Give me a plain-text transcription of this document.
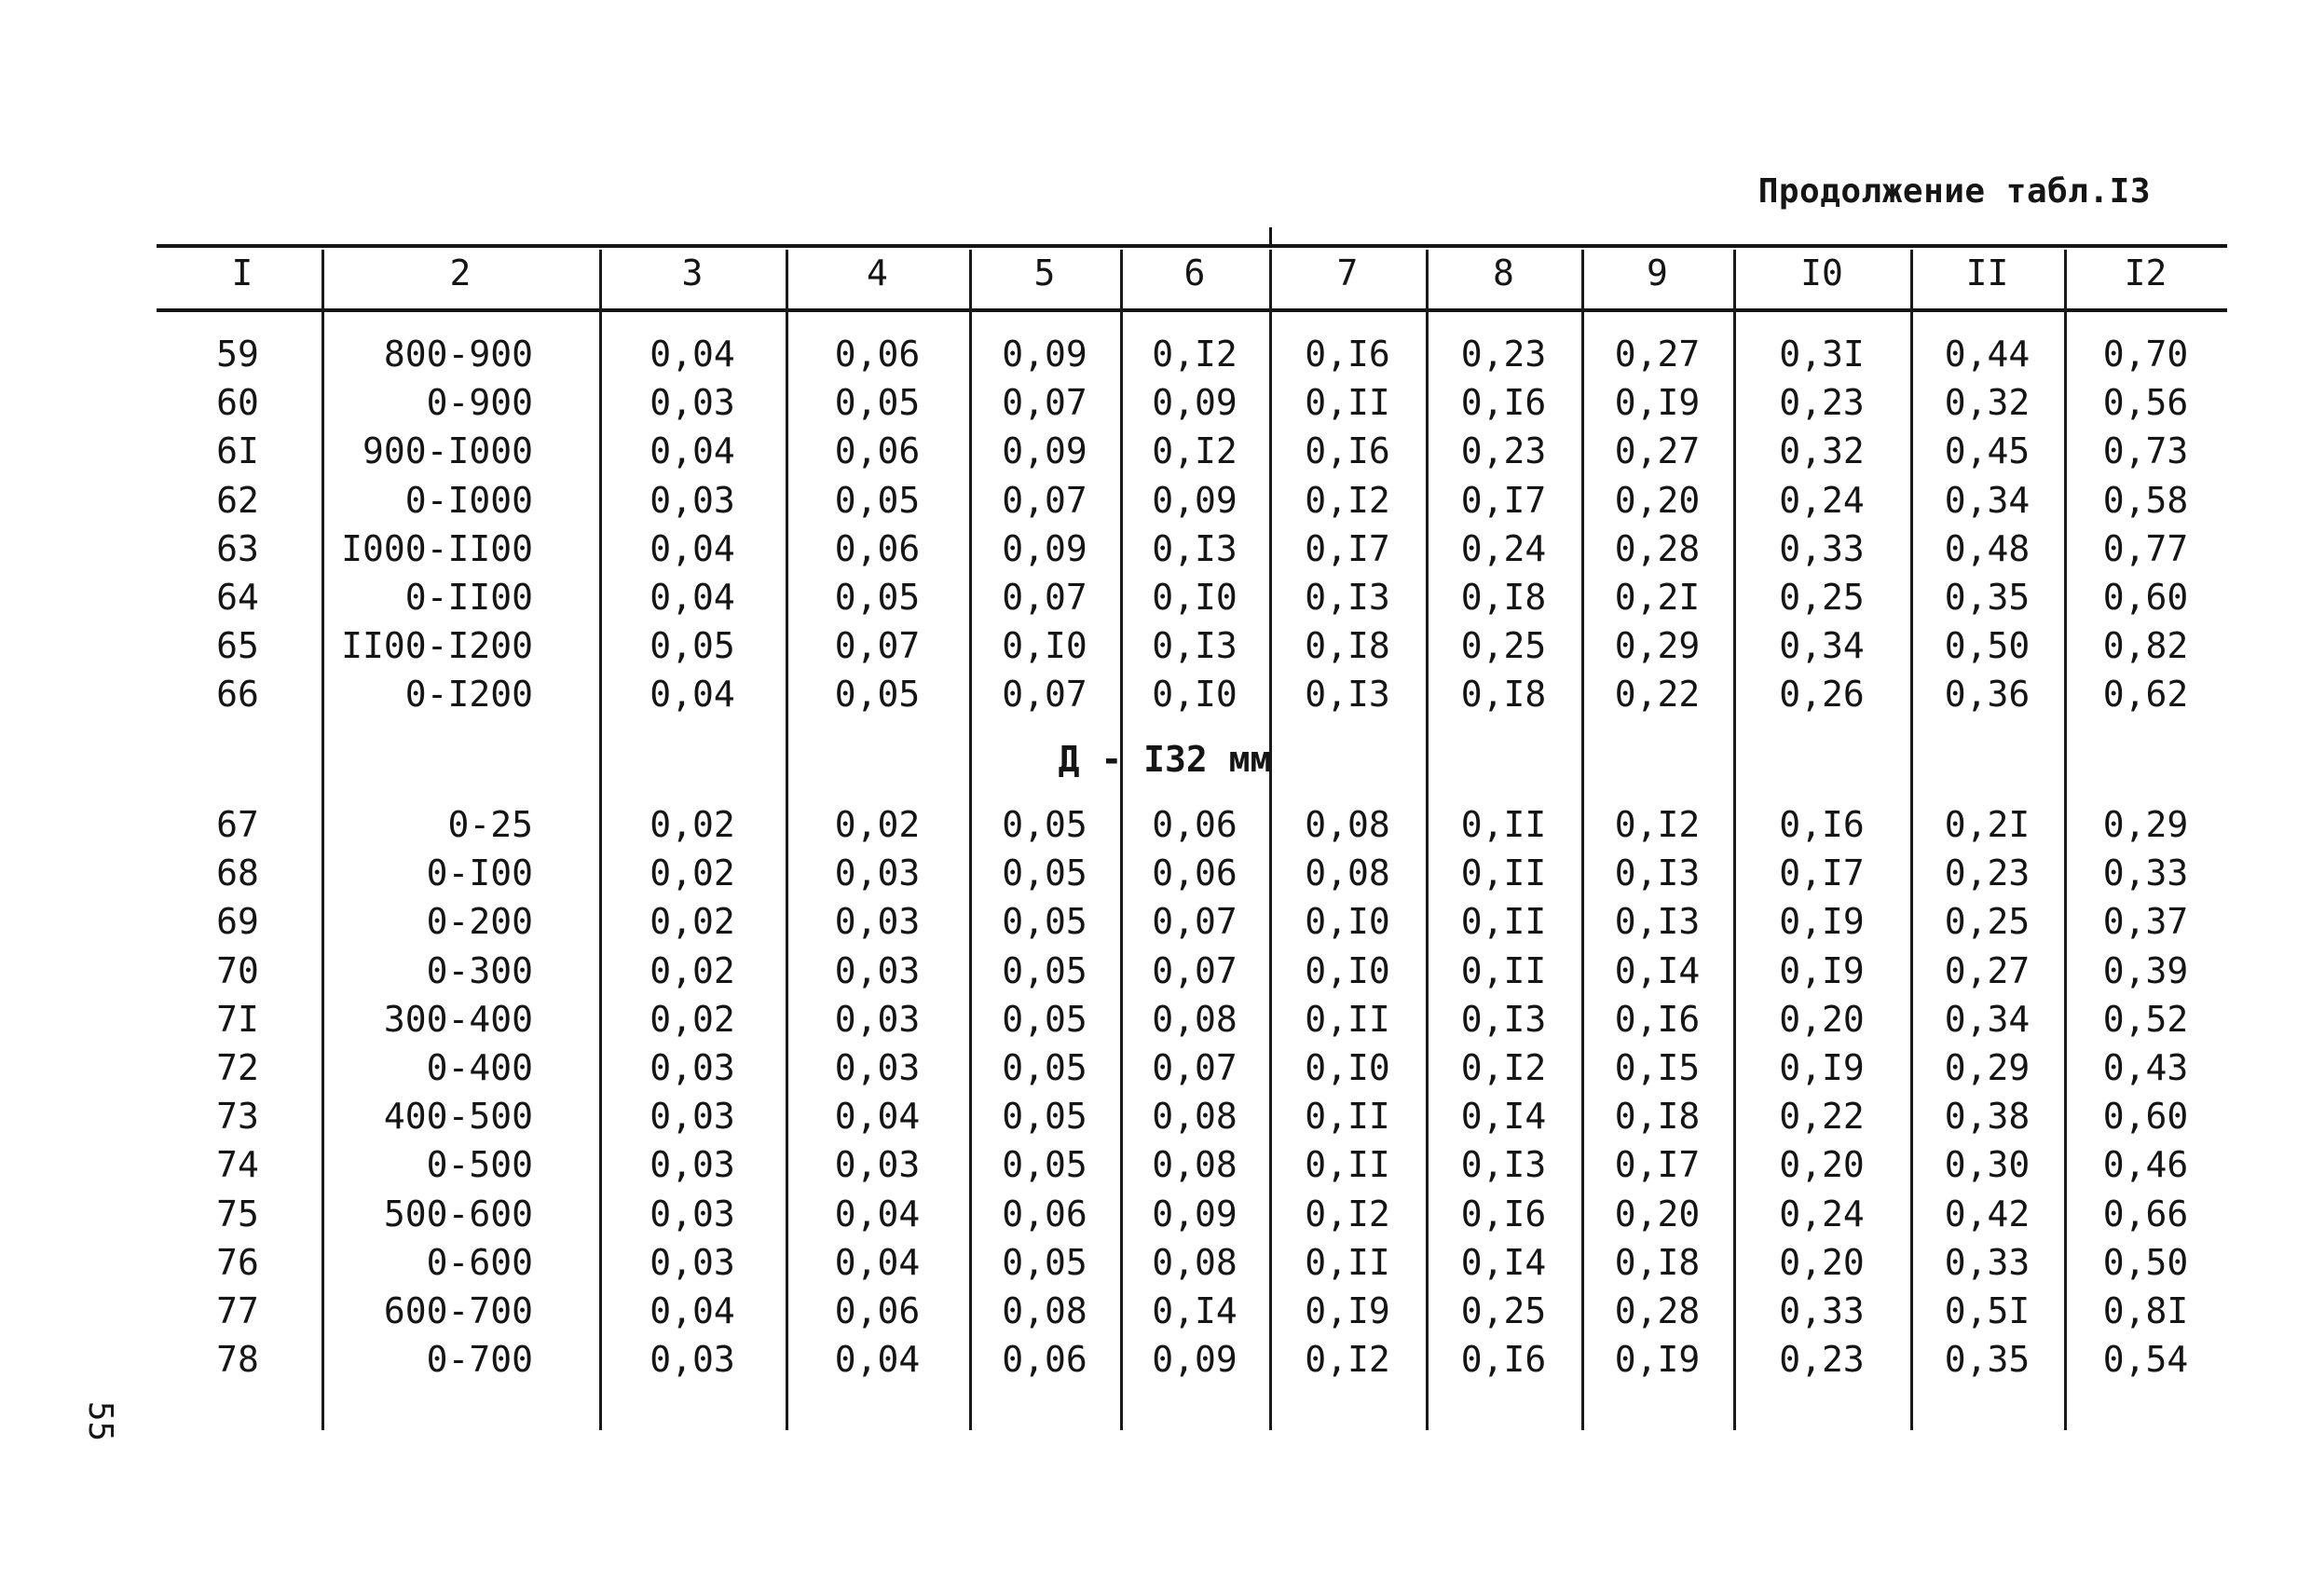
Продолжение табл.I3
I	2	3	4	5	6	7	8	9	I0	II	I2
59	800-900	0,04	0,06	0,09	0,I2	0,I6	0,23	0,27	0,3I	0,44	0,70
60	0-900	0,03	0,05	0,07	0,09	0,II	0,I6	0,I9	0,23	0,32	0,56
6I	900-I000	0,04	0,06	0,09	0,I2	0,I6	0,23	0,27	0,32	0,45	0,73
62	0-I000	0,03	0,05	0,07	0,09	0,I2	0,I7	0,20	0,24	0,34	0,58
63	I000-II00	0,04	0,06	0,09	0,I3	0,I7	0,24	0,28	0,33	0,48	0,77
64	0-II00	0,04	0,05	0,07	0,I0	0,I3	0,I8	0,2I	0,25	0,35	0,60
65	II00-I200	0,05	0,07	0,I0	0,I3	0,I8	0,25	0,29	0,34	0,50	0,82
66	0-I200	0,04	0,05	0,07	0,I0	0,I3	0,I8	0,22	0,26	0,36	0,62
Д - I32 мм
67	0-25	0,02	0,02	0,05	0,06	0,08	0,II	0,I2	0,I6	0,2I	0,29
68	0-I00	0,02	0,03	0,05	0,06	0,08	0,II	0,I3	0,I7	0,23	0,33
69	0-200	0,02	0,03	0,05	0,07	0,I0	0,II	0,I3	0,I9	0,25	0,37
70	0-300	0,02	0,03	0,05	0,07	0,I0	0,II	0,I4	0,I9	0,27	0,39
7I	300-400	0,02	0,03	0,05	0,08	0,II	0,I3	0,I6	0,20	0,34	0,52
72	0-400	0,03	0,03	0,05	0,07	0,I0	0,I2	0,I5	0,I9	0,29	0,43
73	400-500	0,03	0,04	0,05	0,08	0,II	0,I4	0,I8	0,22	0,38	0,60
74	0-500	0,03	0,03	0,05	0,08	0,II	0,I3	0,I7	0,20	0,30	0,46
75	500-600	0,03	0,04	0,06	0,09	0,I2	0,I6	0,20	0,24	0,42	0,66
76	0-600	0,03	0,04	0,05	0,08	0,II	0,I4	0,I8	0,20	0,33	0,50
77	600-700	0,04	0,06	0,08	0,I4	0,I9	0,25	0,28	0,33	0,5I	0,8I
78	0-700	0,03	0,04	0,06	0,09	0,I2	0,I6	0,I9	0,23	0,35	0,54
55
